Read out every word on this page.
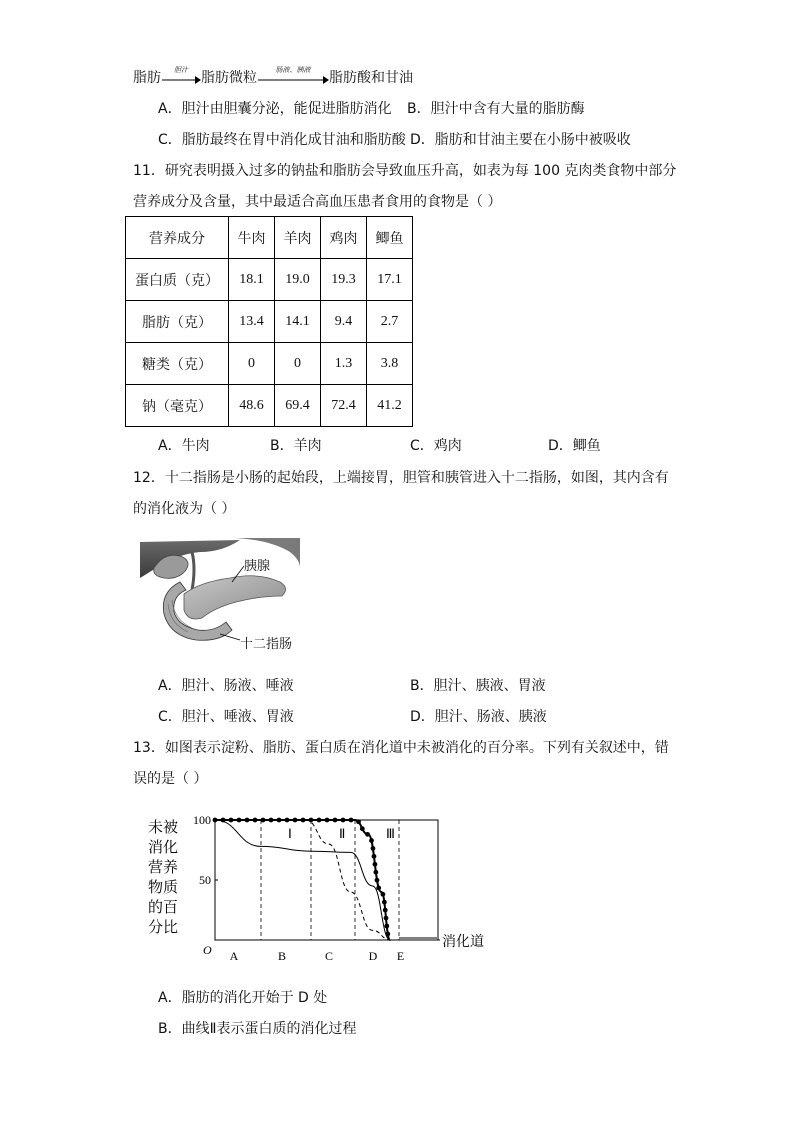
脂肪	胆汁 脂肪微粒	肠液、胰液	脂肪酸和甘油
A．胆汁由胆囊分泌，能促进脂肪消化 B．胆汁中含有大量的脂肪酶
C．脂肪最终在胃中消化成甘油和脂肪酸 D．脂肪和甘油主要在小肠中被吸收
11．研究表明摄入过多的钠盐和脂肪会导致血压升高，如表为每 100 克肉类食物中部分
营养成分及含量，其中最适合高血压患者食用的食物是（ ）
营养成分	牛肉	羊肉	鸡肉	鲫鱼
蛋白质（克）	18.1	19.0	19.3	17.1
脂肪（克）	13.4	14.1	9.4	2.7
糖类（克）	0	0	1.3	3.8
钠（毫克）	48.6	69.4	72.4	41.2
A．牛肉	B．羊肉	C．鸡肉	D．鲫鱼
12．十二指肠是小肠的起始段，上端接胃，胆管和胰管进入十二指肠，如图，其内含有
的消化液为（ ）
胰腺
十二指肠
A．胆汁、肠液、唾液	B．胆汁、胰液、胃液
C．胆汁、唾液、胃液	D．胆汁、肠液、胰液
13．如图表示淀粉、脂肪、蛋白质在消化道中未被消化的百分率。下列有关叙述中，错
误的是（ ）
100
50
未被
消化
营养
物质
的百
分比
O A	B	C	D E
消化道
Ⅰ	Ⅱ	Ⅲ
A．脂肪的消化开始于 D 处
B．曲线Ⅱ表示蛋白质的消化过程
